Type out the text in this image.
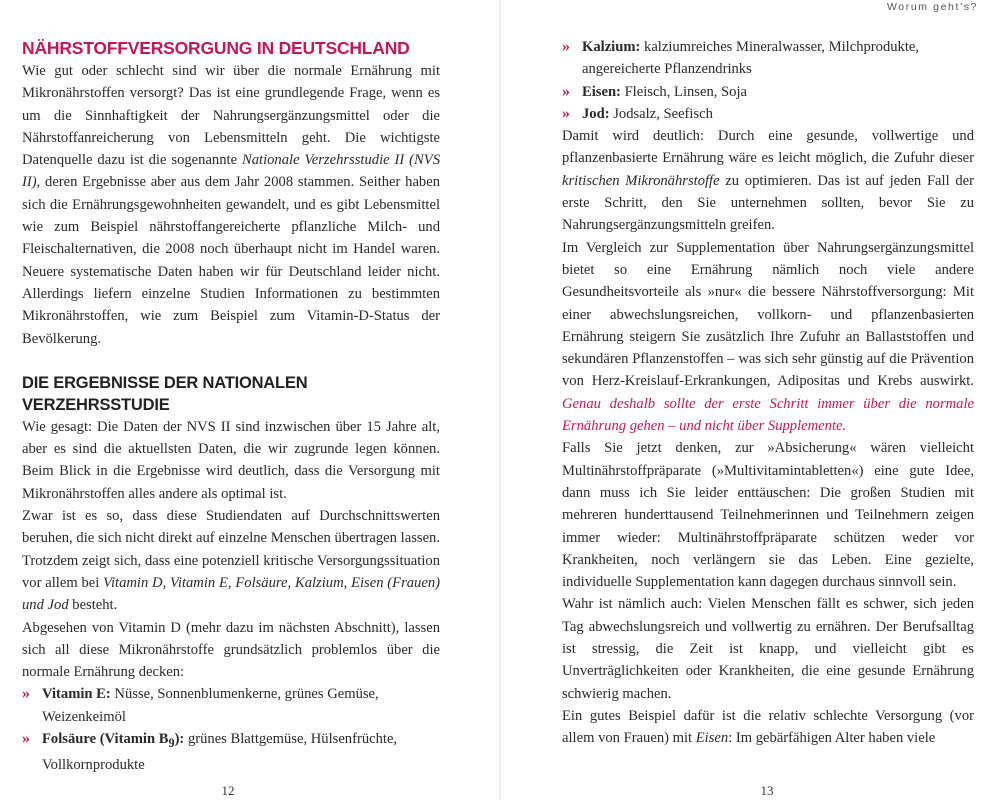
NÄHRSTOFFVERSORGUNG IN DEUTSCHLAND

Wie gut oder schlecht sind wir über die normale Ernährung mit Mikronährstoffen versorgt? Das ist eine grundlegende Frage, wenn es um die Sinnhaftigkeit der Nahrungsergänzungsmittel oder die Nährstoffanreicherung von Lebensmitteln geht. Die wichtigste Datenquelle dazu ist die sogenannte Nationale Verzehrsstudie II (NVS II), deren Ergebnisse aber aus dem Jahr 2008 stammen. Seither haben sich die Ernährungsgewohnheiten gewandelt, und es gibt Lebensmittel wie zum Beispiel nährstoffangereicherte pflanzliche Milch- und Fleischalternativen, die 2008 noch überhaupt nicht im Handel waren. Neuere systematische Daten haben wir für Deutschland leider nicht. Allerdings liefern einzelne Studien Informationen zu bestimmten Mikronährstoffen, wie zum Beispiel zum Vitamin-D-Status der Bevölkerung.

DIE ERGEBNISSE DER NATIONALEN VERZEHRSSTUDIE

Wie gesagt: Die Daten der NVS II sind inzwischen über 15 Jahre alt, aber es sind die aktuellsten Daten, die wir zugrunde legen können. Beim Blick in die Ergebnisse wird deutlich, dass die Versorgung mit Mikronährstoffen alles andere als optimal ist.

Zwar ist es so, dass diese Studiendaten auf Durchschnittswerten beruhen, die sich nicht direkt auf einzelne Menschen übertragen lassen. Trotzdem zeigt sich, dass eine potenziell kritische Versorgungssituation vor allem bei Vitamin D, Vitamin E, Folsäure, Kalzium, Eisen (Frauen) und Jod besteht.

Abgesehen von Vitamin D (mehr dazu im nächsten Abschnitt), lassen sich all diese Mikronährstoffe grundsätzlich problemlos über die normale Ernährung decken:

» Vitamin E: Nüsse, Sonnenblumenkerne, grünes Gemüse, Weizenkeimöl
» Folsäure (Vitamin $B_9$): grünes Blattgemüse, Hülsenfrüchte, Vollkornprodukte
12
Worum geht’s?
» Kalzium: kalziumreiches Mineralwasser, Milchprodukte, angereicherte Pflanzendrinks
» Eisen: Fleisch, Linsen, Soja
» Jod: Jodsalz, Seefisch

Damit wird deutlich: Durch eine gesunde, vollwertige und pflanzenbasierte Ernährung wäre es leicht möglich, die Zufuhr dieser kritischen Mikronährstoffe zu optimieren. Das ist auf jeden Fall der erste Schritt, den Sie unternehmen sollten, bevor Sie zu Nahrungsergänzungsmitteln greifen.

Im Vergleich zur Supplementation über Nahrungsergänzungsmittel bietet so eine Ernährung nämlich noch viele andere Gesundheitsvorteile als »nur« die bessere Nährstoffversorgung: Mit einer abwechslungsreichen, vollkorn- und pflanzenbasierten Ernährung steigern Sie zusätzlich Ihre Zufuhr an Ballaststoffen und sekundären Pflanzenstoffen – was sich sehr günstig auf die Prävention von Herz-Kreislauf-Erkrankungen, Adipositas und Krebs auswirkt. Genau deshalb sollte der erste Schritt immer über die normale Ernährung gehen – und nicht über Supplemente.

Falls Sie jetzt denken, zur »Absicherung« wären vielleicht Multinährstoffpräparate (»Multivitamintabletten«) eine gute Idee, dann muss ich Sie leider enttäuschen: Die großen Studien mit mehreren hunderttausend Teilnehmerinnen und Teilnehmern zeigen immer wieder: Multinährstoffpräparate schützen weder vor Krankheiten, noch verlängern sie das Leben. Eine gezielte, individuelle Supplementation kann dagegen durchaus sinnvoll sein.

Wahr ist nämlich auch: Vielen Menschen fällt es schwer, sich jeden Tag abwechslungsreich und vollwertig zu ernähren. Der Berufsalltag ist stressig, die Zeit ist knapp, und vielleicht gibt es Unverträglichkeiten oder Krankheiten, die eine gesunde Ernährung schwierig machen.

Ein gutes Beispiel dafür ist die relativ schlechte Versorgung (vor allem von Frauen) mit Eisen: Im gebärfähigen Alter haben viele

13
